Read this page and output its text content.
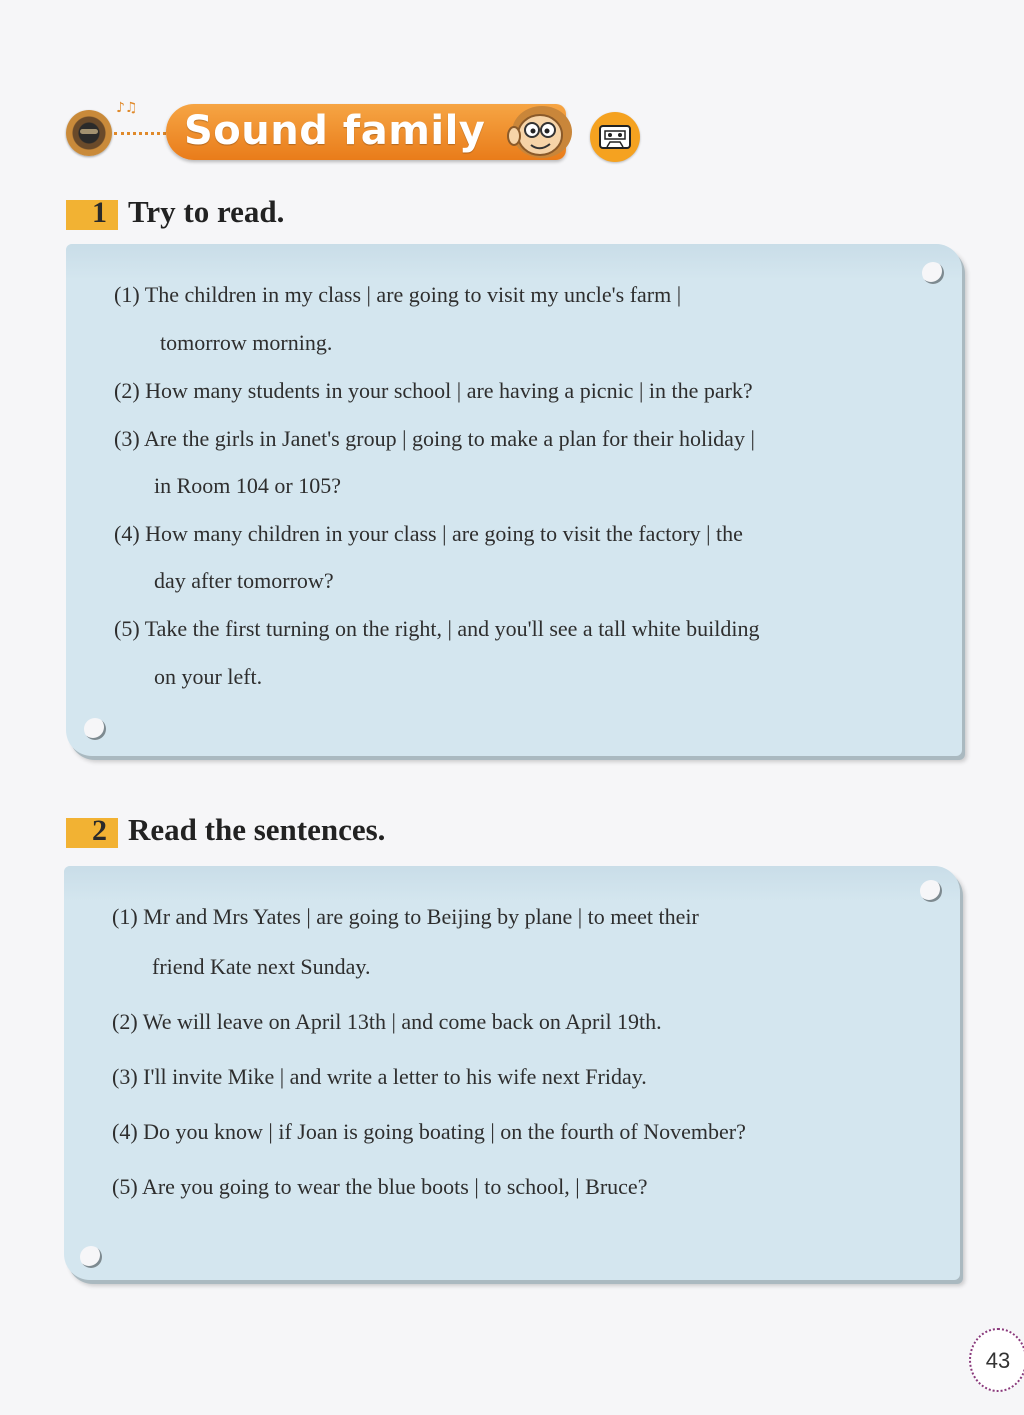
♪♫ Sound family
1 Try to read.
(1) The children in my class | are going to visit my uncle's farm |
tomorrow morning.
(2) How many students in your school | are having a picnic | in the park?
(3) Are the girls in Janet's group | going to make a plan for their holiday |
in Room 104 or 105?
(4) How many children in your class | are going to visit the factory | the
day after tomorrow?
(5) Take the first turning on the right, | and you'll see a tall white building
on your left.
2 Read the sentences.
(1) Mr and Mrs Yates | are going to Beijing by plane | to meet their
friend Kate next Sunday.
(2) We will leave on April 13th | and come back on April 19th.
(3) I'll invite Mike | and write a letter to his wife next Friday.
(4) Do you know | if Joan is going boating | on the fourth of November?
(5) Are you going to wear the blue boots | to school, | Bruce?
43
